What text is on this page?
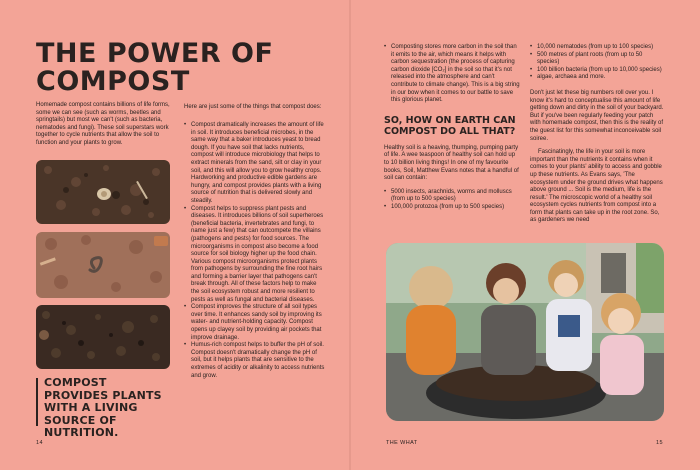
THE POWER OF COMPOST

Homemade compost contains billions of life forms, some we can see (such as worms, beetles and springtails) but most we can't (such as bacteria, nematodes and fungi). These soil superstars work together to cycle nutrients that allow the soil to function and your plants to grow.

COMPOST PROVIDES PLANTS WITH A LIVING SOURCE OF NUTRITION.

Here are just some of the things that compost does:

• Compost dramatically increases the amount of life in soil. It introduces beneficial microbes, in the same way that a baker introduces yeast to bread dough. If you have soil that lacks nutrients, compost will introduce microbiology that helps to extract minerals from the sand, silt or clay in your soil, and this will allow you to grow healthy crops. Hardworking and productive edible gardens are hungry, and compost provides plants with a living source of nutrition that is delivered slowly and steadily.
• Compost helps to suppress plant pests and diseases. It introduces billions of soil superheroes (beneficial bacteria, invertebrates and fungi, to name just a few) that can outcompete the villains (pathogens and pests) for food sources. The microorganisms in compost also become a food source for soil biology higher up the food chain. Various compost microorganisms protect plants from pathogens by surrounding the fine root hairs and forming a barrier layer that pathogens can't break through. All of these factors help to make the soil ecosystem robust and more resilient to pests as well as fungal and bacterial diseases.
• Compost improves the structure of all soil types over time. It enhances sandy soil by improving its water- and nutrient-holding capacity. Compost opens up clayey soil by providing air pockets that improve drainage.
• Humus-rich compost helps to buffer the pH of soil. Compost doesn't dramatically change the pH of soil, but it helps plants that are sensitive to the extremes of acidity or alkalinity to access nutrients and grow.
14
• Composting stores more carbon in the soil than it emits to the air, which means it helps with carbon sequestration (the process of capturing carbon dioxide [CO₂] in the soil so that it's not released into the atmosphere and can't contribute to climate change). This is a big string in our bow when it comes to our battle to save this glorious planet.
SO, HOW ON EARTH CAN COMPOST DO ALL THAT?

Healthy soil is a heaving, thumping, pumping party of life. A wee teaspoon of healthy soil can hold up to 10 billion living things! In one of my favourite books, Soil, Matthew Evans notes that a handful of soil can contain:

• 5000 insects, arachnids, worms and molluscs (from up to 500 species)
• 100,000 protozoa (from up to 500 species)
• 10,000 nematodes (from up to 100 species)
• 500 metres of plant roots (from up to 50 species)
• 100 billion bacteria (from up to 10,000 species)
• algae, archaea and more.

Don't just let these big numbers roll over you. I know it's hard to conceptualise this amount of life getting down and dirty in the soil of your backyard. But if you've been regularly feeding your patch with homemade compost, then this is the reality of the guest list for this somewhat inconceivable soil soiree.

Fascinatingly, the life in your soil is more important than the nutrients it contains when it comes to your plants' ability to access and gobble up these nutrients. As Evans says, 'The ecosystem under the ground drives what happens above ground ... Soil is the medium, life is the result.' The microscopic world of a healthy soil ecosystem cycles nutrients from compost into a form that plants can take up in the root zone. So, as gardeners we need

THE WHAT	15
